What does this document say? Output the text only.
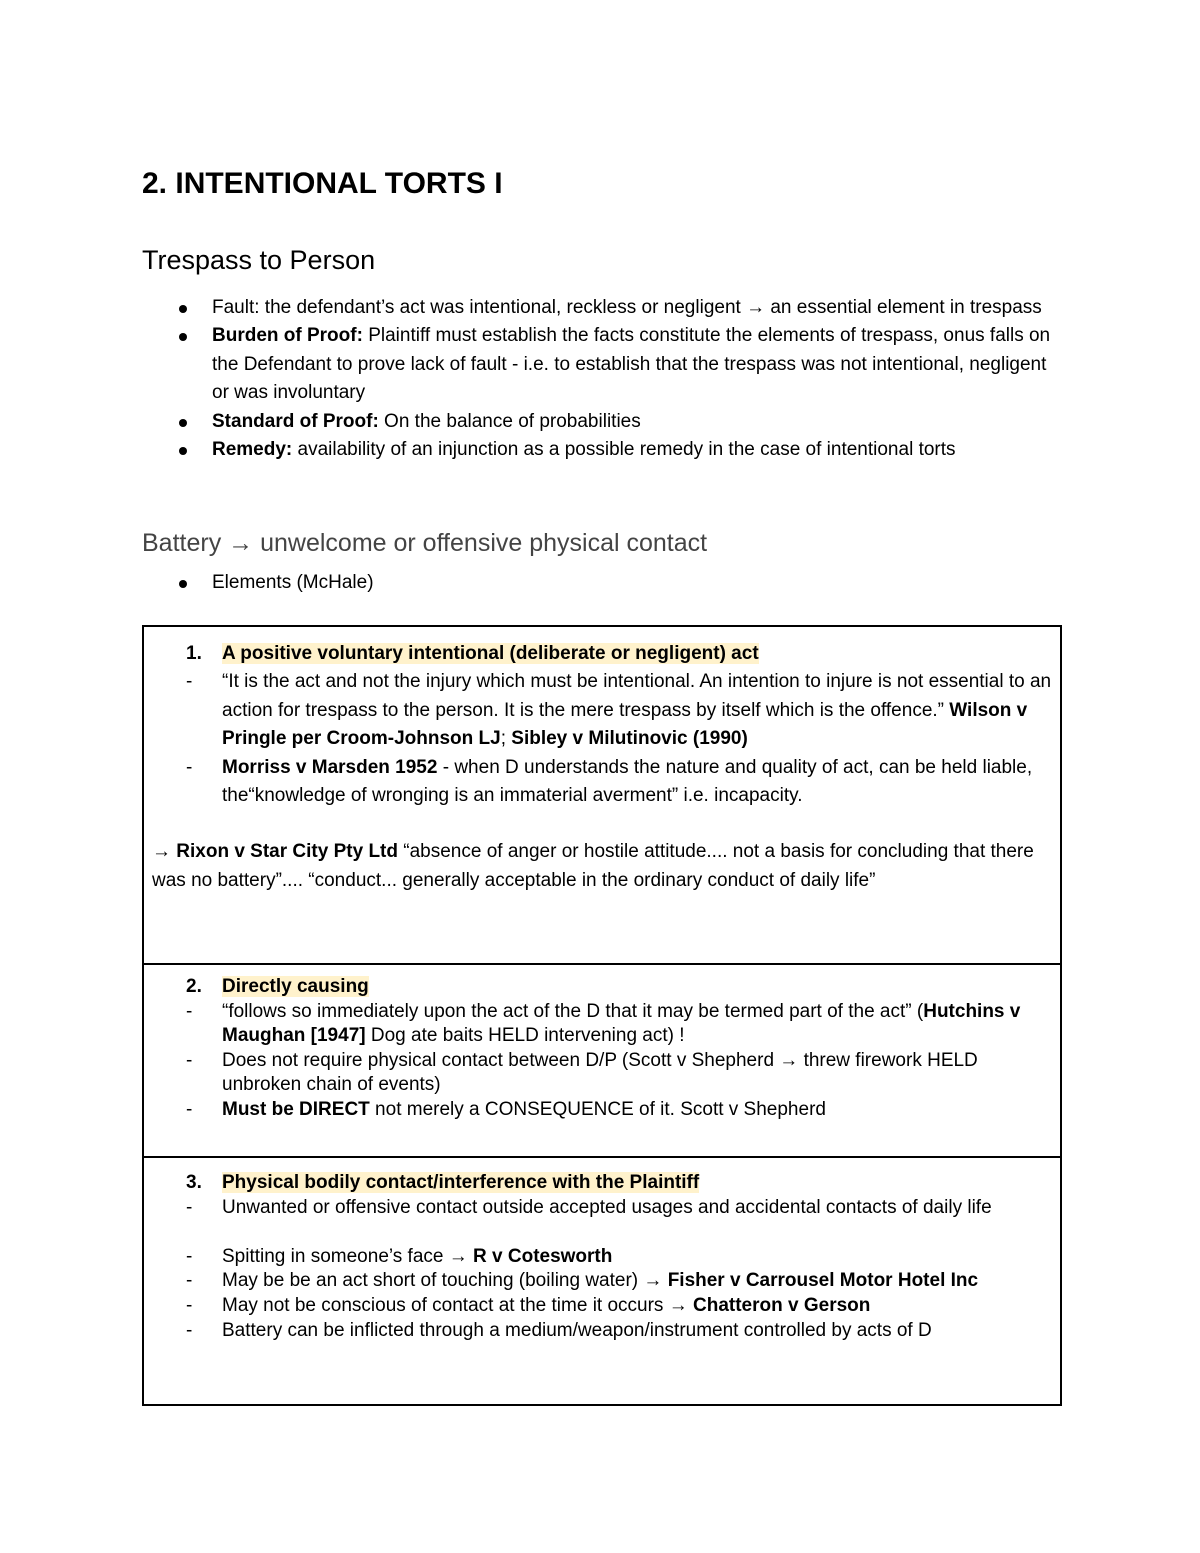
2. INTENTIONAL TORTS I
Trespass to Person
Fault: the defendant’s act was intentional, reckless or negligent → an essential element in trespass
Burden of Proof: Plaintiff must establish the facts constitute the elements of trespass, onus falls on the Defendant to prove lack of fault - i.e. to establish that the trespass was not intentional, negligent or was involuntary
Standard of Proof: On the balance of probabilities
Remedy: availability of an injunction as a possible remedy in the case of intentional torts
Battery → unwelcome or offensive physical contact
Elements (McHale)
1. A positive voluntary intentional (deliberate or negligent) act
- “It is the act and not the injury which must be intentional. An intention to injure is not essential to an action for trespass to the person. It is the mere trespass by itself which is the offence.” Wilson v Pringle per Croom-Johnson LJ; Sibley v Milutinovic (1990)
- Morriss v Marsden 1952 - when D understands the nature and quality of act, can be held liable, the“knowledge of wronging is an immaterial averment” i.e. incapacity.
→ Rixon v Star City Pty Ltd “absence of anger or hostile attitude.... not a basis for concluding that there was no battery”.... “conduct... generally acceptable in the ordinary conduct of daily life”
2. Directly causing
- “follows so immediately upon the act of the D that it may be termed part of the act” (Hutchins v Maughan [1947] Dog ate baits HELD intervening act) !
- Does not require physical contact between D/P (Scott v Shepherd → threw firework HELD unbroken chain of events)
- Must be DIRECT not merely a CONSEQUENCE of it. Scott v Shepherd
3. Physical bodily contact/interference with the Plaintiff
- Unwanted or offensive contact outside accepted usages and accidental contacts of daily life
- Spitting in someone’s face → R v Cotesworth
- May be be an act short of touching (boiling water) → Fisher v Carrousel Motor Hotel Inc
- May not be conscious of contact at the time it occurs → Chatteron v Gerson
- Battery can be inflicted through a medium/weapon/instrument controlled by acts of D
